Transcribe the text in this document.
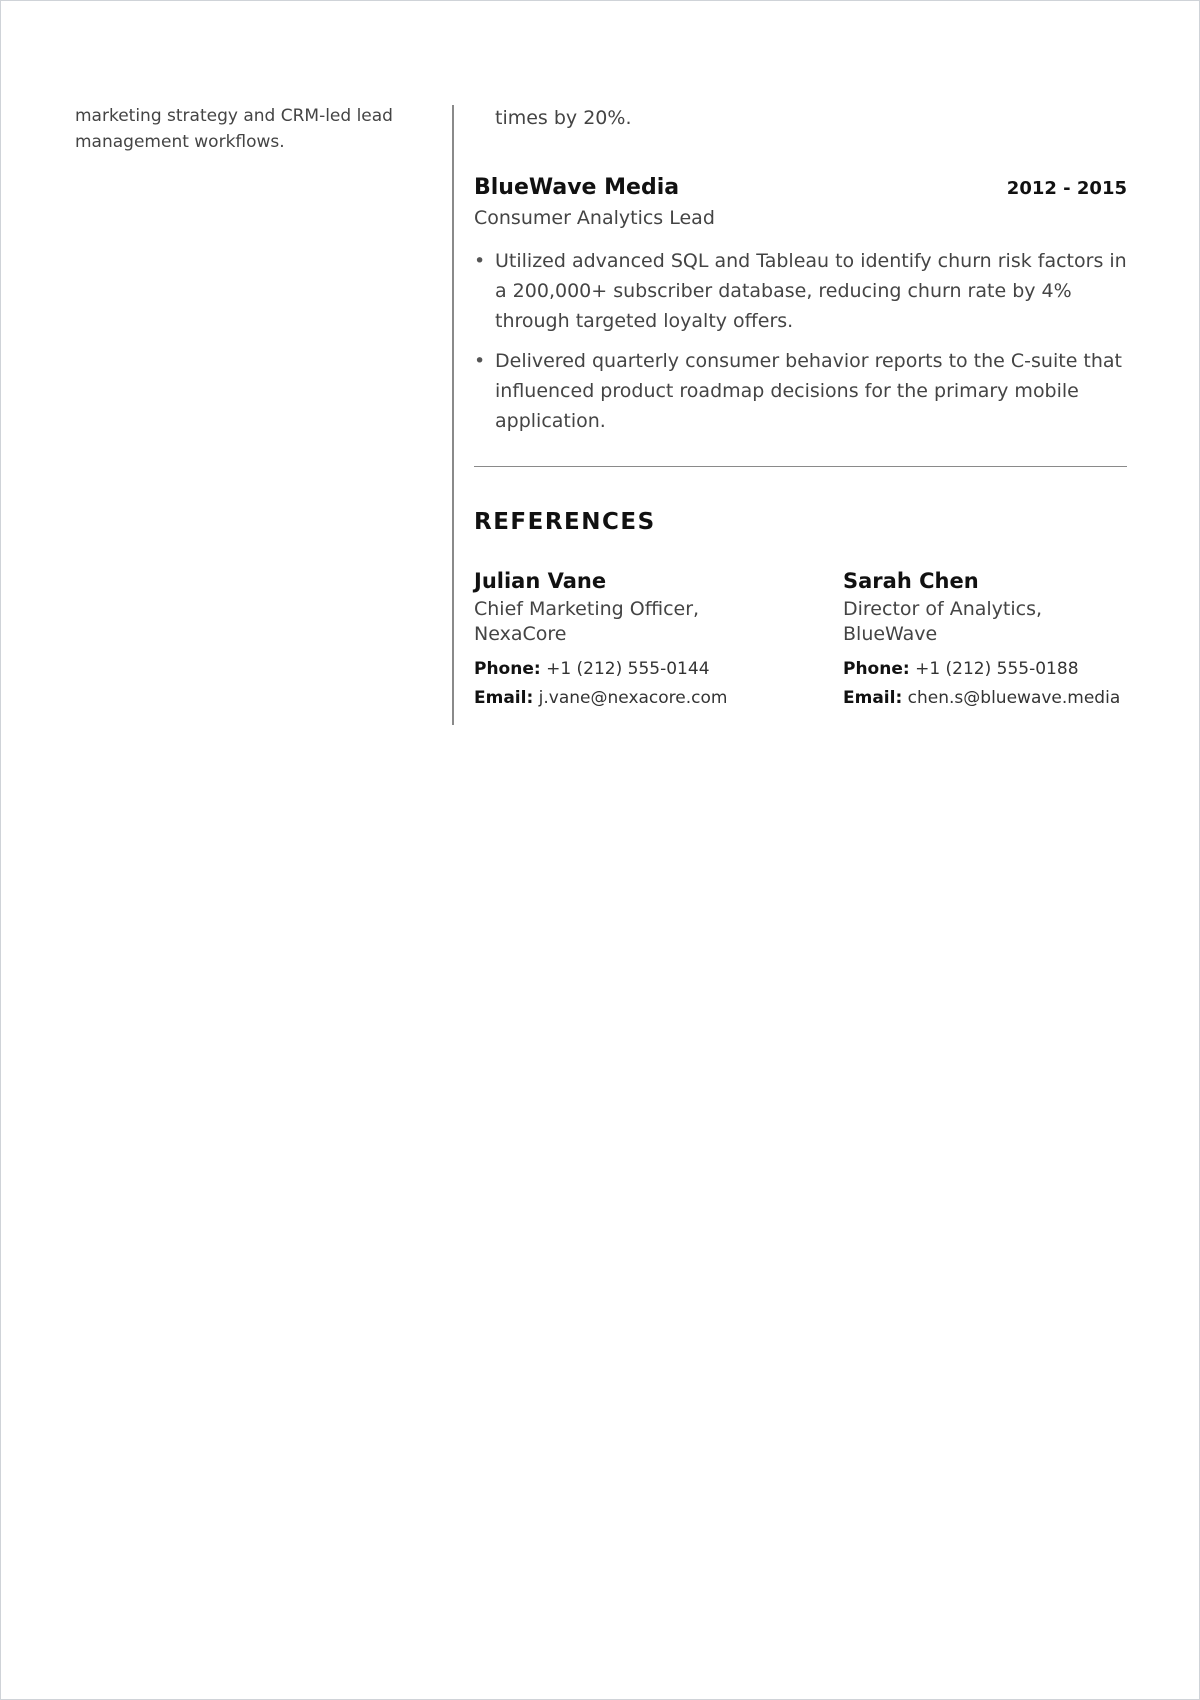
marketing strategy and CRM-led lead management workflows.

times by 20%.

BlueWave Media	2012 - 2015
Consumer Analytics Lead
• Utilized advanced SQL and Tableau to identify churn risk factors in a 200,000+ subscriber database, reducing churn rate by 4% through targeted loyalty offers.
• Delivered quarterly consumer behavior reports to the C-suite that influenced product roadmap decisions for the primary mobile application.
REFERENCES
Julian Vane
Chief Marketing Officer, NexaCore
Phone: +1 (212) 555-0144
Email: j.vane@nexacore.com
Sarah Chen
Director of Analytics, BlueWave
Phone: +1 (212) 555-0188
Email: chen.s@bluewave.media
